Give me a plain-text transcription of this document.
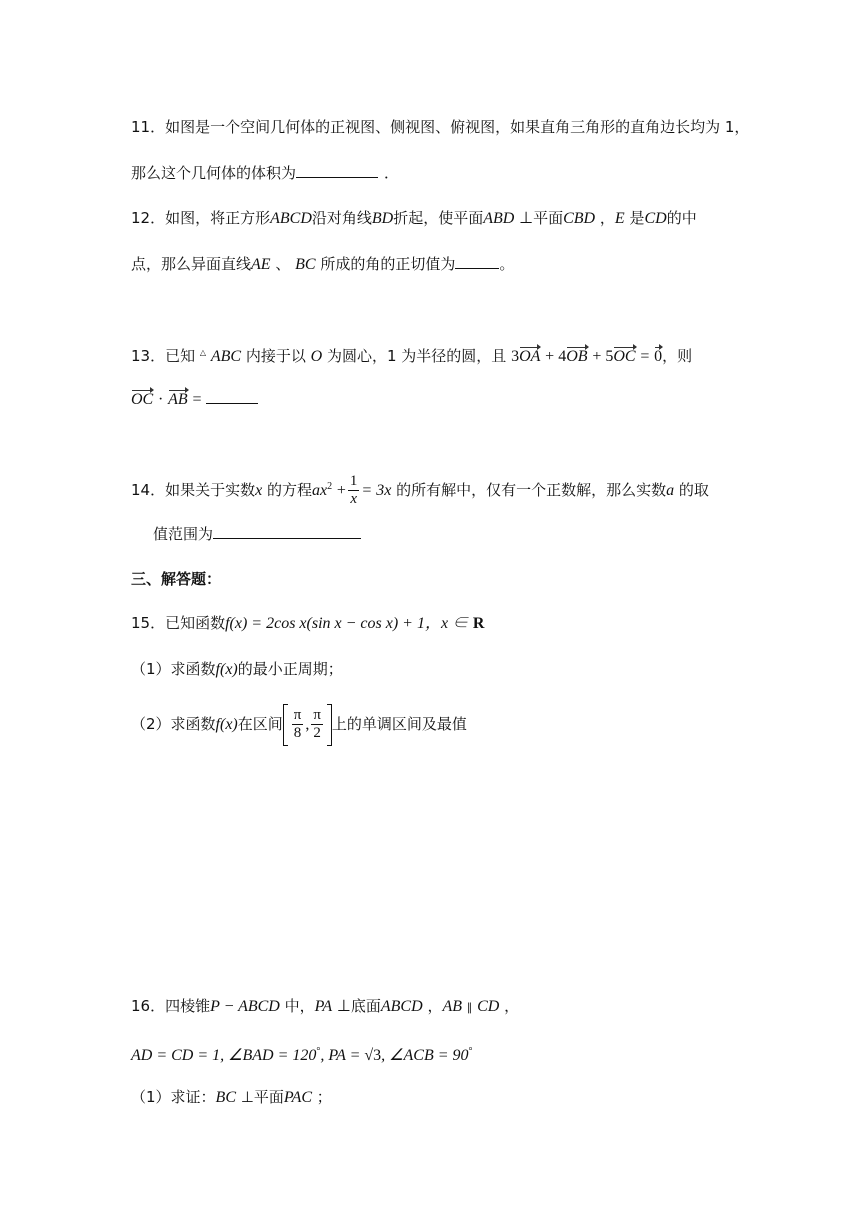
11．如图是一个空间几何体的正视图、侧视图、俯视图，如果直角三角形的直角边长均为 1，
那么这个几何体的体积为	．
12．如图，将正方形ABCD沿对角线BD折起，使平面ABD ⊥平面CBD ，E 是CD的中
点，那么异面直线AE 、 BC 所成的角的正切值为	。
13．已知 △ ABC 内接于以 O 为圆心，1 为半径的圆，且 3OA + 4OB + 5OC = 0，则
OC · AB =
14．如果关于实数x 的方程$ax^2 + \frac{1}{x} = 3x$ 的所有解中，仅有一个正数解，那么实数a 的取
值范围为
三、解答题：
15．已知函数f(x) = 2cos x(sin x − cos x) + 1，x ∈ R
（1）求函数f(x)的最小正周期；
（2）求函数f(x)在区间 $\frac{\pi}{8}$ , $\frac{\pi}{2}$ 上的单调区间及最值
16．四棱锥P − ABCD 中，PA ⊥底面ABCD ，AB ∥ CD ，
AD = CD = 1, ∠BAD = 120°, PA = √3, ∠ACB = 90°
（1）求证：BC ⊥平面PAC ；
